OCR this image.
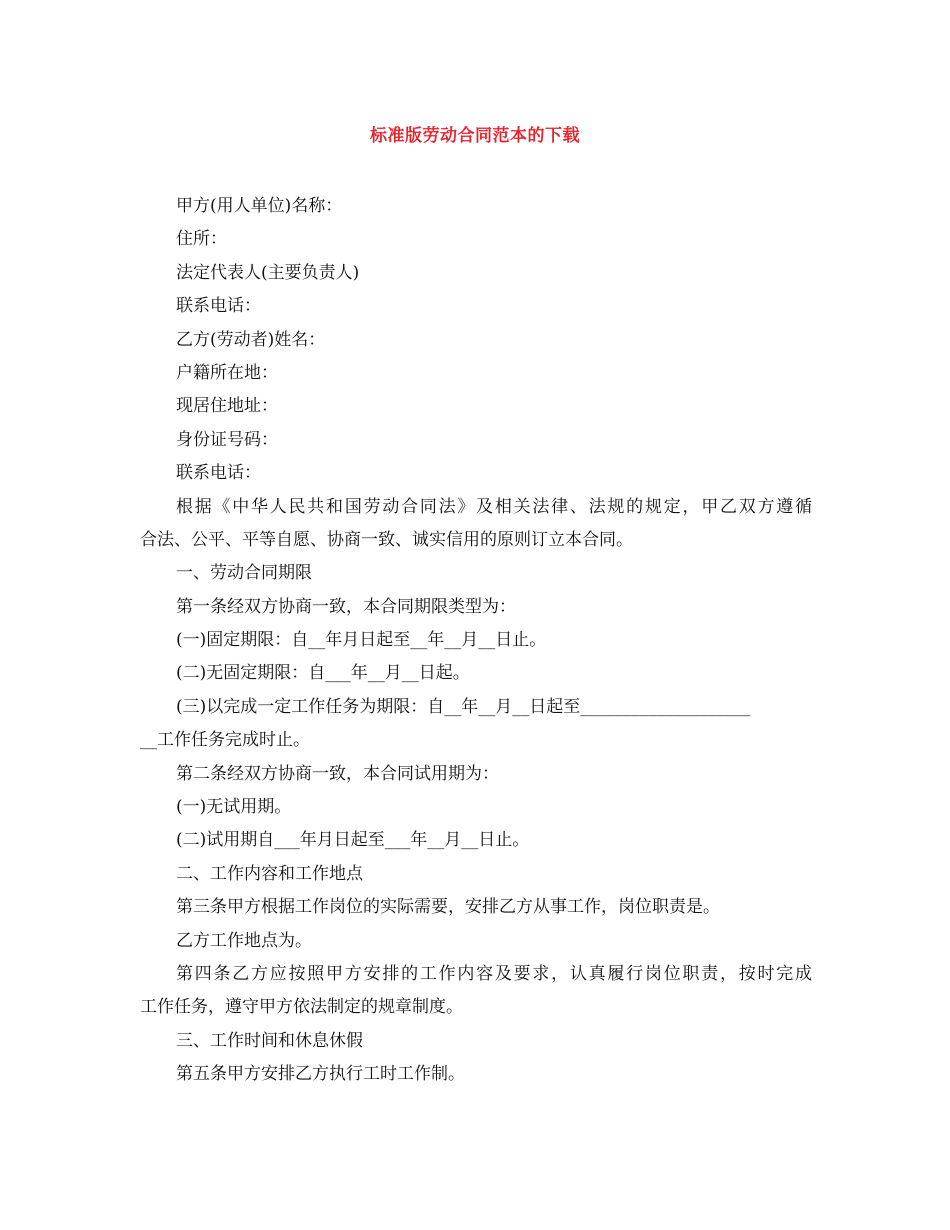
标准版劳动合同范本的下载
甲方(用人单位)名称：
住所：
法定代表人(主要负责人)
联系电话：
乙方(劳动者)姓名：
户籍所在地：
现居住地址：
身份证号码：
联系电话：
根据《中华人民共和国劳动合同法》及相关法律、法规的规定，甲乙双方遵循
合法、公平、平等自愿、协商一致、诚实信用的原则订立本合同。
一、劳动合同期限
第一条经双方协商一致，本合同期限类型为：
(一)固定期限：自__年月日起至__年__月__日止。
(二)无固定期限：自___年__月__日起。
(三)以完成一定工作任务为期限：自__年__月__日起至____________________
__工作任务完成时止。
第二条经双方协商一致，本合同试用期为：
(一)无试用期。
(二)试用期自___年月日起至___年__月__日止。
二、工作内容和工作地点
第三条甲方根据工作岗位的实际需要，安排乙方从事工作，岗位职责是。
乙方工作地点为。
第四条乙方应按照甲方安排的工作内容及要求，认真履行岗位职责，按时完成
工作任务，遵守甲方依法制定的规章制度。
三、工作时间和休息休假
第五条甲方安排乙方执行工时工作制。
